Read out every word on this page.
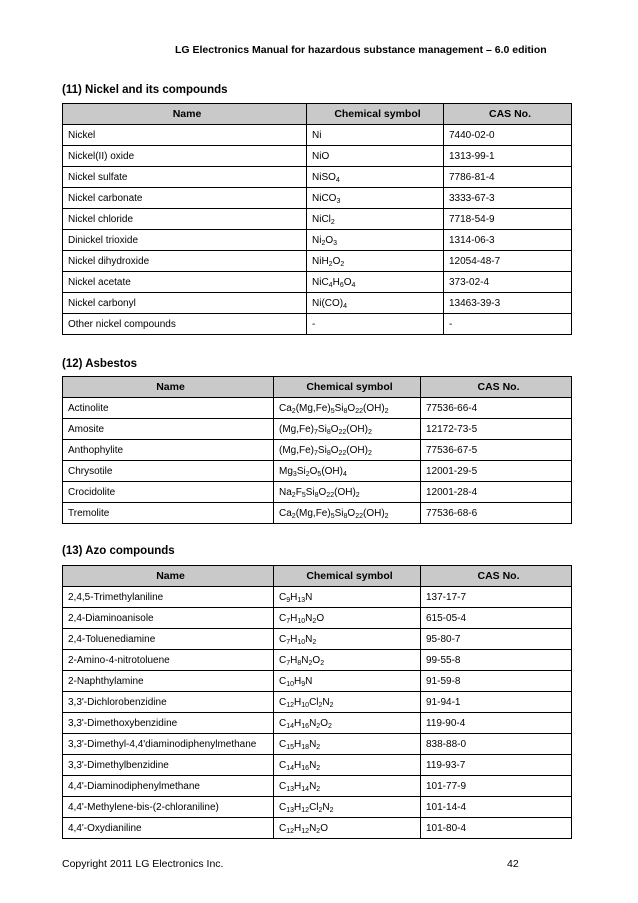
LG Electronics Manual for hazardous substance management – 6.0 edition
(11) Nickel and its compounds
Name	Chemical symbol	CAS No.
Nickel	Ni	7440-02-0
Nickel(II) oxide	NiO	1313-99-1
Nickel sulfate	NiSO$_4$	7786-81-4
Nickel carbonate	NiCO$_3$	3333-67-3
Nickel chloride	NiCl$_2$	7718-54-9
Dinickel trioxide	$Ni_2O_3$	1314-06-3
Nickel dihydroxide	$NiH_2O_2$	12054-48-7
Nickel acetate	$NiC_4H_6O_4$	373-02-4
Nickel carbonyl	$Ni(CO)_4$	13463-39-3
Other nickel compounds	-	-
(12) Asbestos
Name	Chemical symbol	CAS No.
Actinolite	$Ca_2(Mg,Fe)_5Si_8O_{22}(OH)_2$	77536-66-4
Amosite	$(Mg,Fe)_7Si_8O_{22}(OH)_2$	12172-73-5
Anthophylite	$(Mg,Fe)_7Si_8O_{22}(OH)_2$	77536-67-5
Chrysotile	$Mg_3Si_2O_5(OH)_4$	12001-29-5
Crocidolite	$Na_2F_5Si_8O_{22}(OH)_2$	12001-28-4
Tremolite	$Ca_2(Mg,Fe)_5Si_8O_{22}(OH)_2$	77536-68-6
(13) Azo compounds
Name	Chemical symbol	CAS No.
2,4,5-Trimethylaniline	$C_9H_{13}N$	137-17-7
2,4-Diaminoanisole	$C_7H_{10}N_2O$	615-05-4
2,4-Toluenediamine	$C_7H_{10}N_2$	95-80-7
2-Amino-4-nitrotoluene	$C_7H_8N_2O_2$	99-55-8
2-Naphthylamine	$C_{10}H_9N$	91-59-8
3,3'-Dichlorobenzidine	$C_{12}H_{10}Cl_2N_2$	91-94-1
3,3'-Dimethoxybenzidine	$C_{14}H_{16}N_2O_2$	119-90-4
3,3'-Dimethyl-4,4'diaminodiphenylmethane	$C_{15}H_{18}N_2$	838-88-0
3,3'-Dimethylbenzidine	$C_{14}H_{16}N_2$	119-93-7
4,4'-Diaminodiphenylmethane	$C_{13}H_{14}N_2$	101-77-9
4,4'-Methylene-bis-(2-chloraniline)	$C_{13}H_{12}Cl_2N_2$	101-14-4
4,4'-Oxydianiline	$C_{12}H_{12}N_2O$	101-80-4
Copyright 2011 LG Electronics Inc.	42
